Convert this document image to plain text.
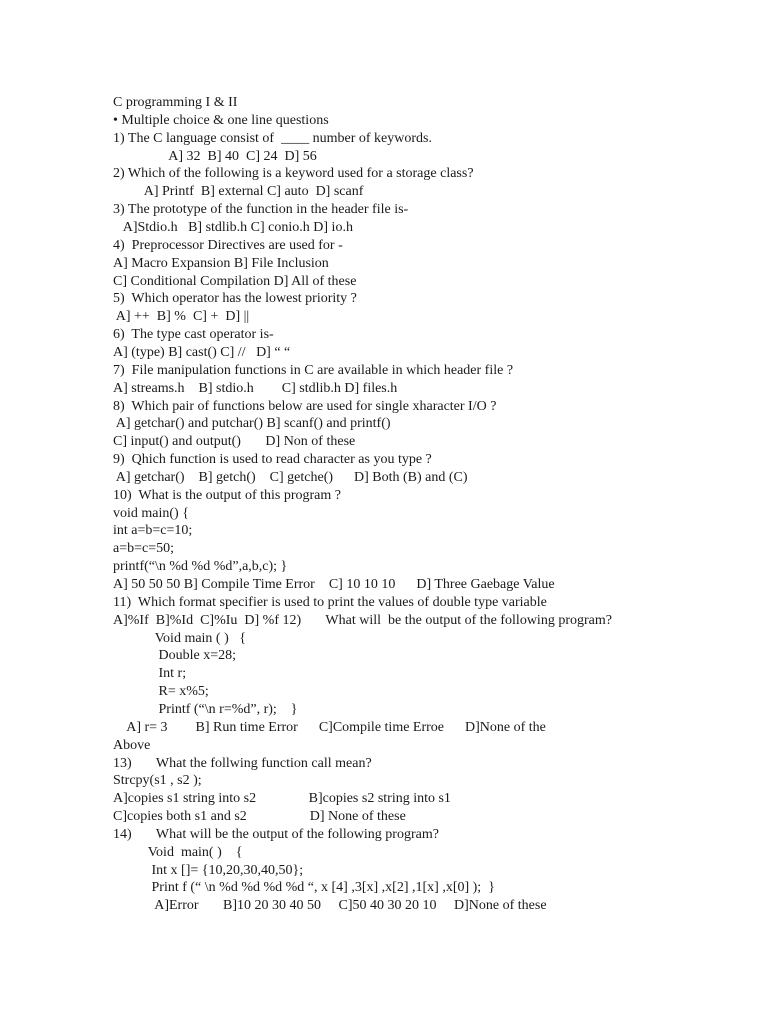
C programming I & II
• Multiple choice & one line questions
1) The C language consist of  ____ number of keywords.
A] 32  B] 40  C] 24  D] 56
2) Which of the following is a keyword used for a storage class?
A] Printf  B] external C] auto  D] scanf
3) The prototype of the function in the header file is-
A]Stdio.h   B] stdlib.h C] conio.h D] io.h
4)  Preprocessor Directives are used for -
A] Macro Expansion B] File Inclusion
C] Conditional Compilation D] All of these
5)  Which operator has the lowest priority ?
A] ++  B] %  C] +  D] ||
6)  The type cast operator is-
A] (type) B] cast() C] //   D] “ “
7)  File manipulation functions in C are available in which header file ?
A] streams.h    B] stdio.h        C] stdlib.h D] files.h
8)  Which pair of functions below are used for single xharacter I/O ?
A] getchar() and putchar() B] scanf() and printf()
C] input() and output()       D] Non of these
9)  Qhich function is used to read character as you type ?
A] getchar()    B] getch()    C] getche()      D] Both (B) and (C)
10)  What is the output of this program ?
void main() {
int a=b=c=10;
a=b=c=50;
printf(“\n %d %d %d”,a,b,c); }
A] 50 50 50 B] Compile Time Error    C] 10 10 10      D] Three Gaebage Value
11)  Which format specifier is used to print the values of double type variable
A]%If  B]%Id  C]%Iu  D] %f 12)       What will  be the output of the following program?
Void main ( )   {
Double x=28;
Int r;
R= x%5;
Printf (“\n r=%d”, r);    }
A] r= 3        B] Run time Error      C]Compile time Erroe      D]None of the
Above
13)       What the follwing function call mean?
Strcpy(s1 , s2 );
A]copies s1 string into s2               B]copies s2 string into s1
C]copies both s1 and s2                  D] None of these
14)       What will be the output of the following program?
Void  main( )    {
Int x []= {10,20,30,40,50};
Print f (“ \n %d %d %d %d “, x [4] ,3[x] ,x[2] ,1[x] ,x[0] );  }
A]Error       B]10 20 30 40 50     C]50 40 30 20 10     D]None of these
